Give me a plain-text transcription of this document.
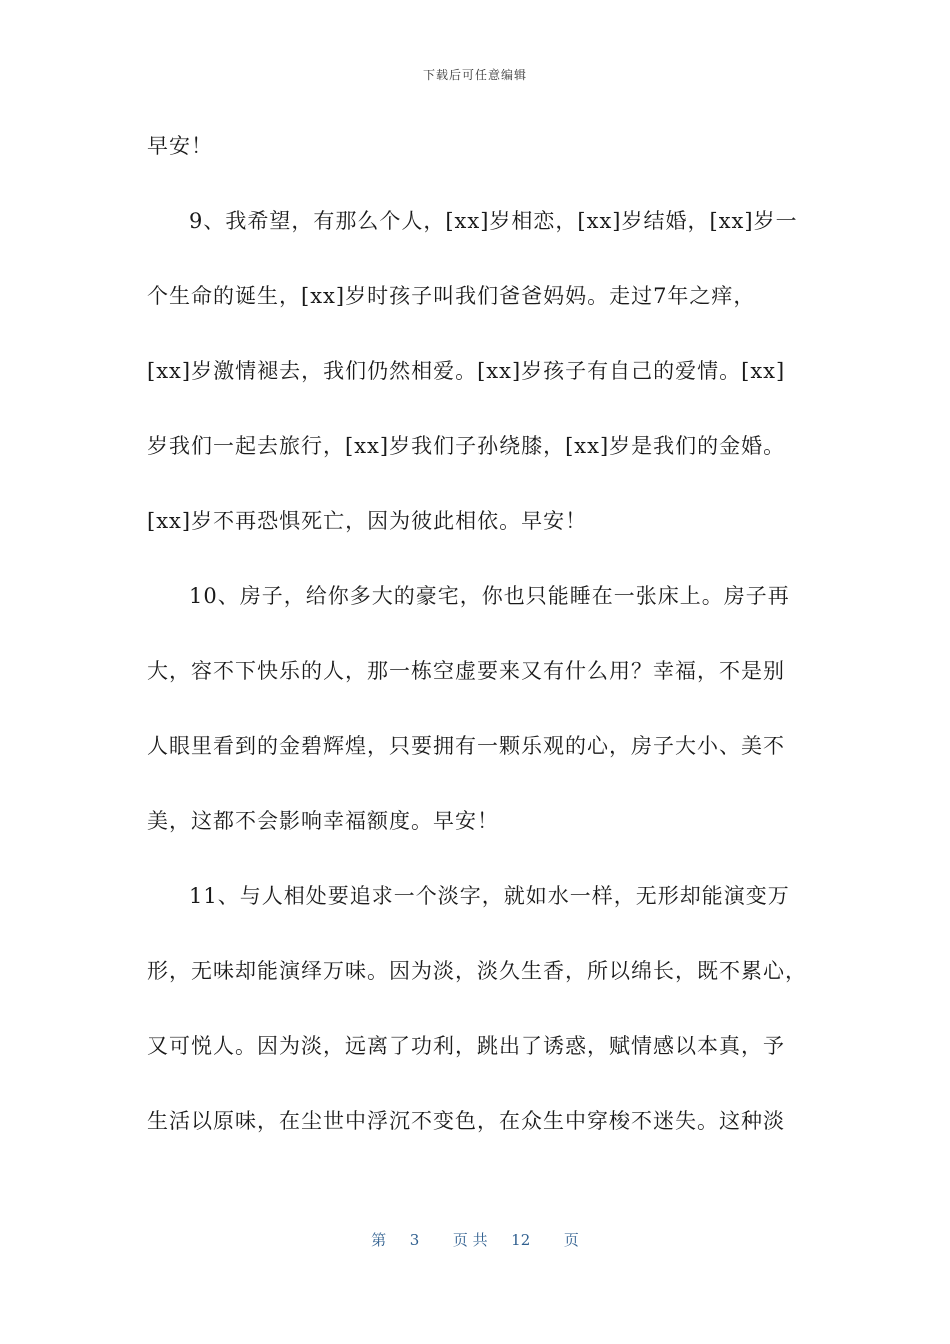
下载后可任意编辑
早安！
9、我希望，有那么个人，[xx]岁相恋，[xx]岁结婚，[xx]岁一
个生命的诞生，[xx]岁时孩子叫我们爸爸妈妈。走过7年之痒，
[xx]岁激情褪去，我们仍然相爱。[xx]岁孩子有自己的爱情。[xx]
岁我们一起去旅行，[xx]岁我们子孙绕膝，[xx]岁是我们的金婚。
[xx]岁不再恐惧死亡，因为彼此相依。早安！
10、房子，给你多大的豪宅，你也只能睡在一张床上。房子再
大，容不下快乐的人，那一栋空虚要来又有什么用？幸福，不是别
人眼里看到的金碧辉煌，只要拥有一颗乐观的心，房子大小、美不
美，这都不会影响幸福额度。早安！
11、与人相处要追求一个淡字，就如水一样，无形却能演变万
形，无味却能演绎万味。因为淡，淡久生香，所以绵长，既不累心，
又可悦人。因为淡，远离了功利，跳出了诱惑，赋情感以本真，予
生活以原味，在尘世中浮沉不变色，在众生中穿梭不迷失。这种淡
第 3 页 共 12 页
